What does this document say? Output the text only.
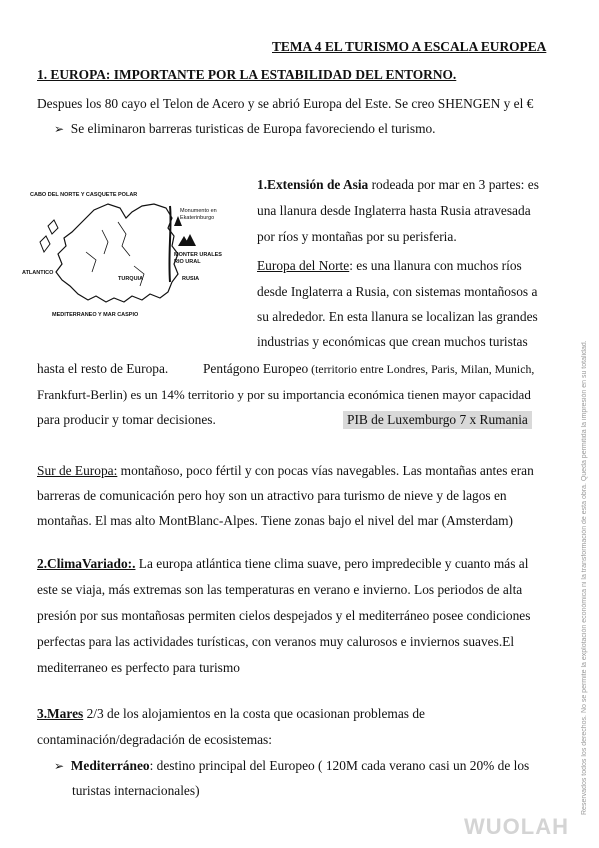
TEMA 4 EL TURISMO A ESCALA EUROPEA
1. EUROPA: IMPORTANTE POR LA ESTABILIDAD DEL ENTORNO.
Despues los 80 cayo el Telon de Acero y se abrió Europa del Este. Se creo SHENGEN y el €
➢ Se eliminaron barreras turisticas de Europa favoreciendo el turismo.
CABO DEL NORTE Y CASQUETE POLAR
Monumento en
Ekaterinburgo
MONTER URALES
RIO URAL
ATLANTICO
TURQUIA	RUSIA
MEDITERRANEO Y MAR CASPIO
1.Extensión de Asia rodeada por mar en 3 partes: es
una llanura desde Inglaterra hasta Rusia atravesada
por ríos y montañas por su perisferia.
Europa del Norte: es una llanura con muchos ríos
desde Inglaterra a Rusia, con sistemas montañosos a
su alrededor. En esta llanura se localizan las grandes
industrias y económicas que crean muchos turistas
hasta el resto de Europa.	Pentágono Europeo (territorio entre Londres, Paris, Milan, Munich,
Frankfurt-Berlin) es un 14% territorio y por su importancia económica tienen mayor capacidad
para producir y tomar decisiones.	PIB de Luxemburgo 7 x Rumania
Sur de Europa: montañoso, poco fértil y con pocas vías navegables. Las montañas antes eran
barreras de comunicación pero hoy son un atractivo para turismo de nieve y de lagos en
montañas. El mas alto MontBlanc-Alpes. Tiene zonas bajo el nivel del mar (Amsterdam)
2.ClimaVariado:. La europa atlántica tiene clima suave, pero impredecible y cuanto más al
este se viaja, más extremas son las temperaturas en verano e invierno. Los periodos de alta
presión por sus montañosas permiten cielos despejados y el mediterráneo posee condiciones
perfectas para las actividades turísticas, con veranos muy calurosos e inviernos suaves.El
mediterraneo es perfecto para turismo
3.Mares 2/3 de los alojamientos en la costa que ocasionan problemas de
contaminación/degradación de ecosistemas:
➢ Mediterráneo: destino principal del Europeo ( 120M cada verano casi un 20% de los
turistas internacionales)	Reservados todos los derechos. No se permite la explotación económica ni la transformación de esta obra. Queda permitida la impresión en su totalidad.
WUOLAH
